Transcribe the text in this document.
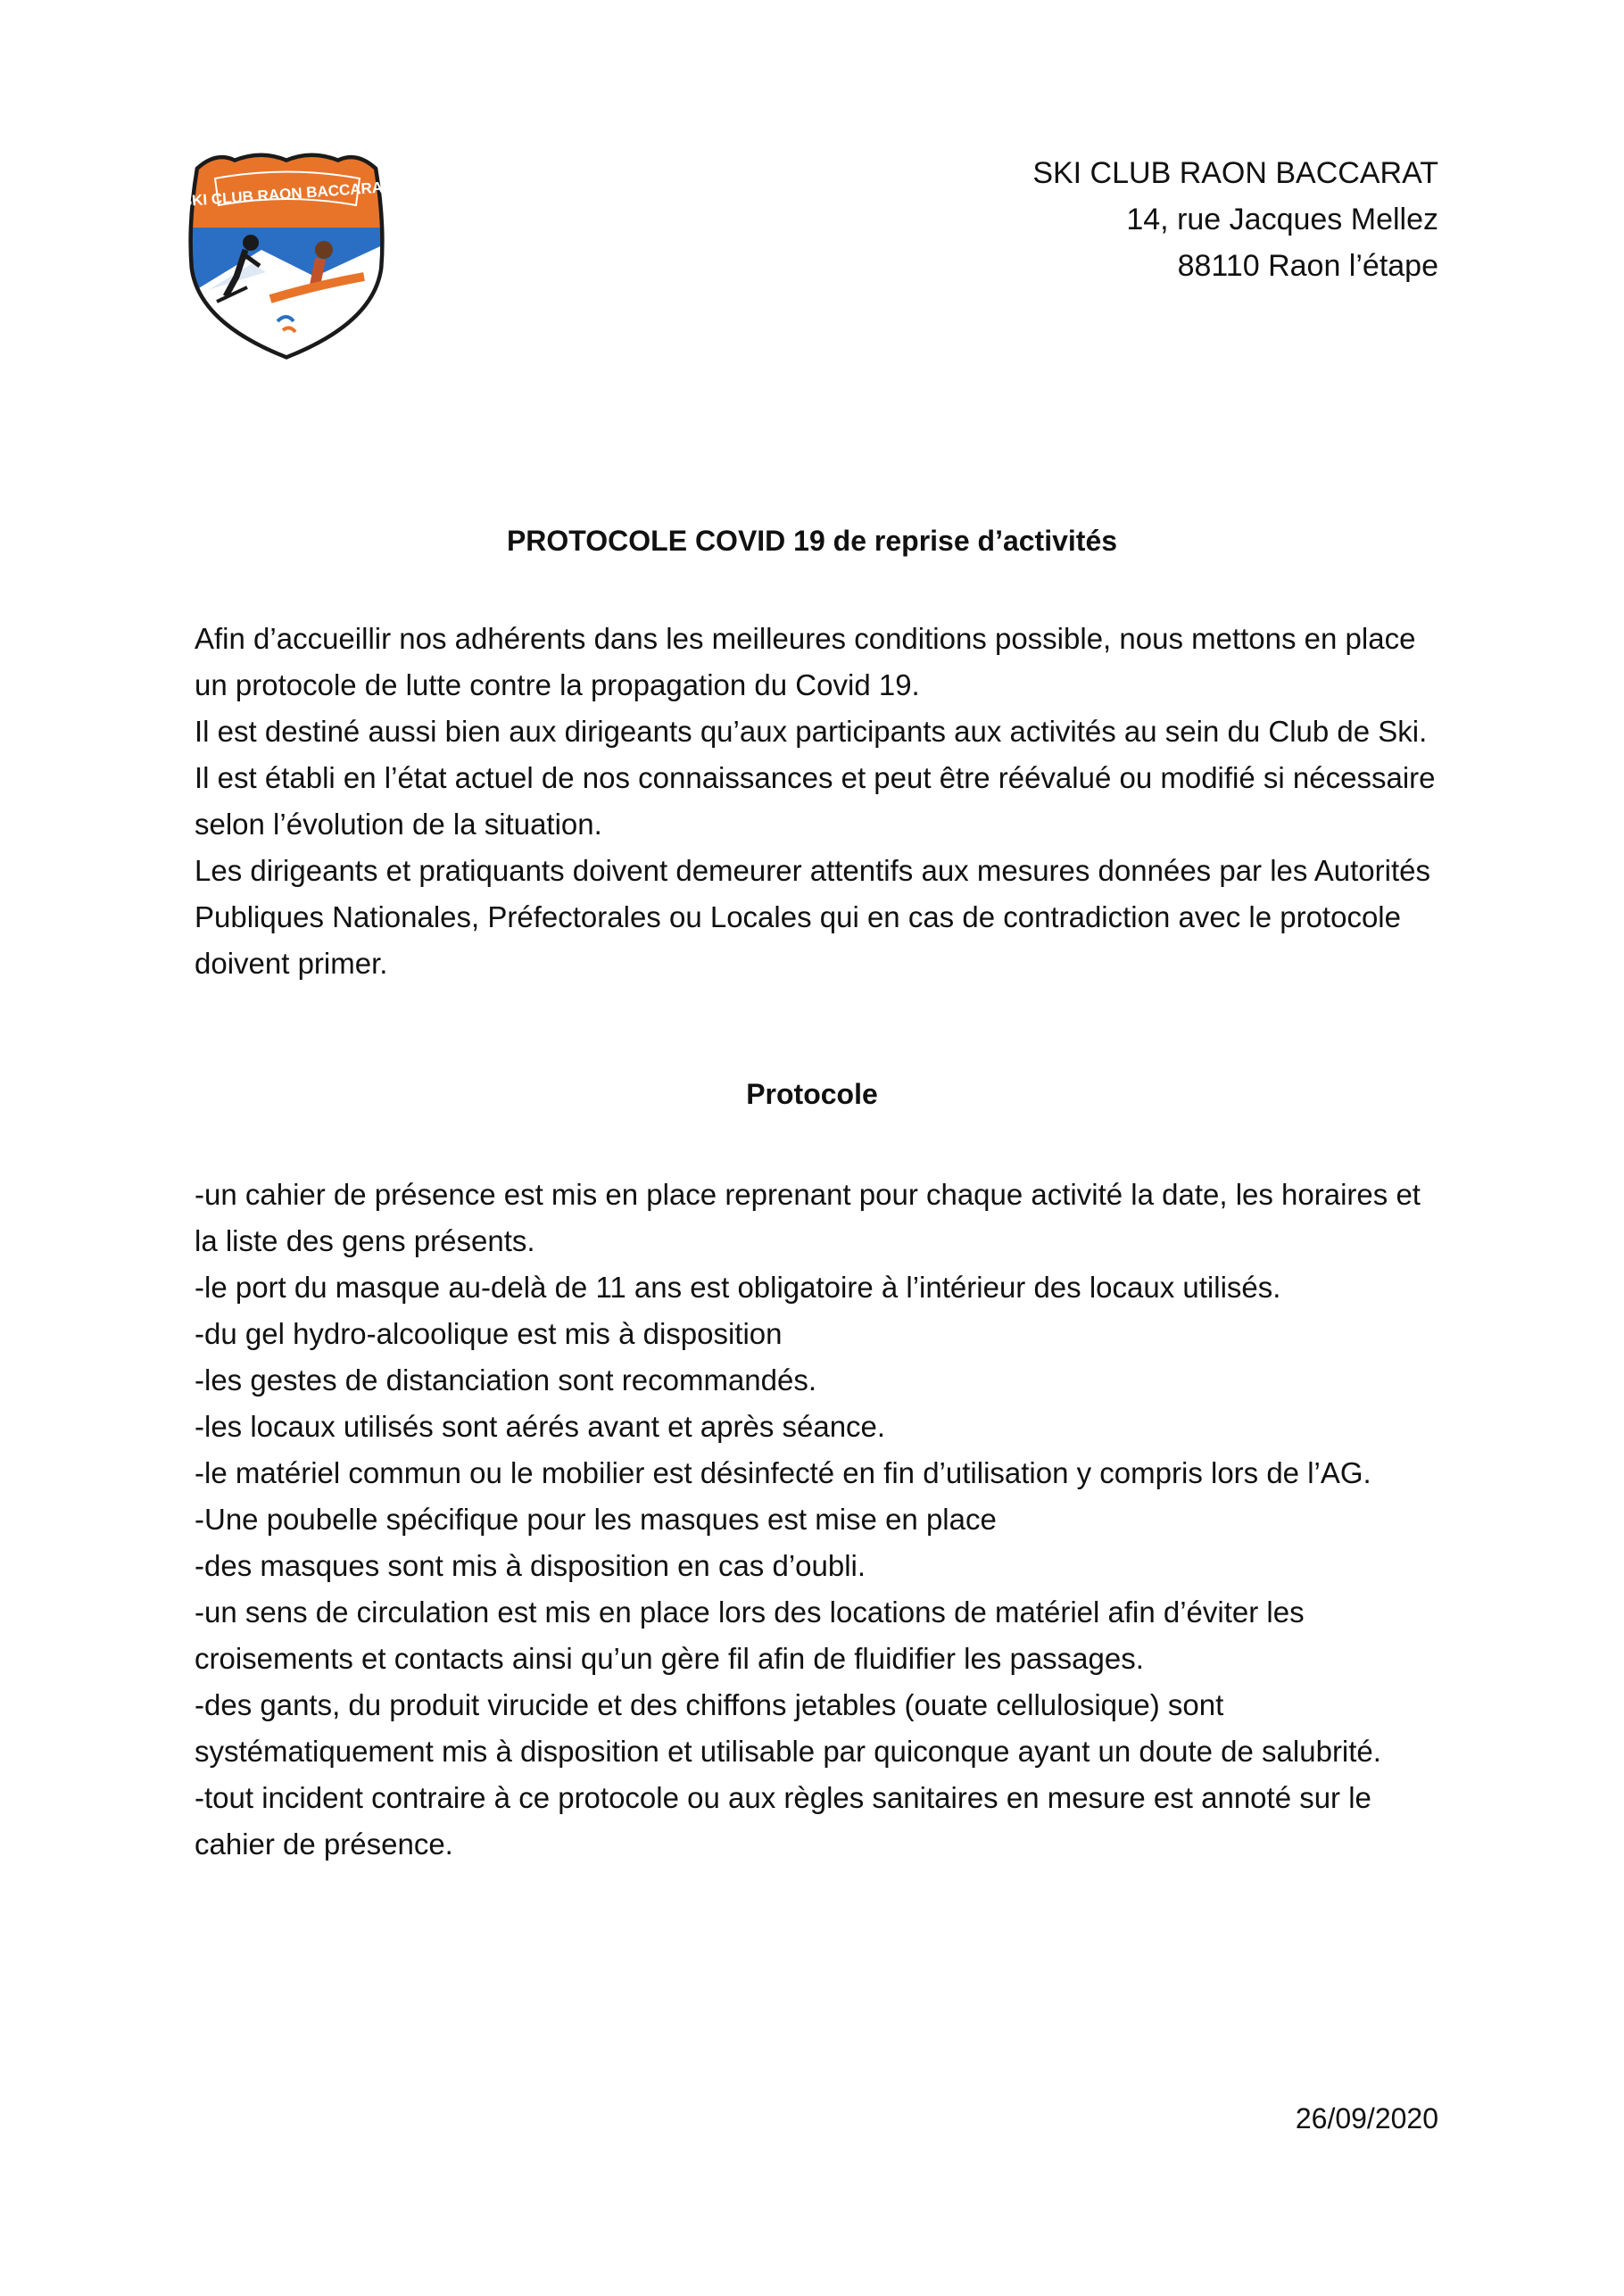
SKI CLUB RAON BACCARAT
SKI CLUB RAON BACCARAT
14, rue Jacques Mellez
88110 Raon l’étape
PROTOCOLE COVID 19 de reprise d’activités

Afin d’accueillir nos adhérents dans les meilleures conditions possible, nous mettons en place un protocole de lutte contre la propagation du Covid 19.

Il est destiné aussi bien aux dirigeants qu’aux participants aux activités au sein du Club de Ski.

Il est établi en l’état actuel de nos connaissances et peut être réévalué ou modifié si nécessaire selon l’évolution de la situation.

Les dirigeants et pratiquants doivent demeurer attentifs aux mesures données par les Autorités Publiques Nationales, Préfectorales ou Locales qui en cas de contradiction avec le protocole doivent primer.

Protocole

-un cahier de présence est mis en place reprenant pour chaque activité la date, les horaires et la liste des gens présents.

-le port du masque au-delà de 11 ans est obligatoire à l’intérieur des locaux utilisés.

-du gel hydro-alcoolique est mis à disposition

-les gestes de distanciation sont recommandés.

-les locaux utilisés sont aérés avant et après séance.

-le matériel commun ou le mobilier est désinfecté en fin d’utilisation y compris lors de l’AG.

-Une poubelle spécifique pour les masques est mise en place

-des masques sont mis à disposition en cas d’oubli.

-un sens de circulation est mis en place lors des locations de matériel afin d’éviter les croisements et contacts ainsi qu’un gère fil afin de fluidifier les passages.

-des gants, du produit virucide et des chiffons jetables (ouate cellulosique) sont systématiquement mis à disposition et utilisable par quiconque ayant un doute de salubrité.

-tout incident contraire à ce protocole ou aux règles sanitaires en mesure est annoté sur le cahier de présence.

26/09/2020
